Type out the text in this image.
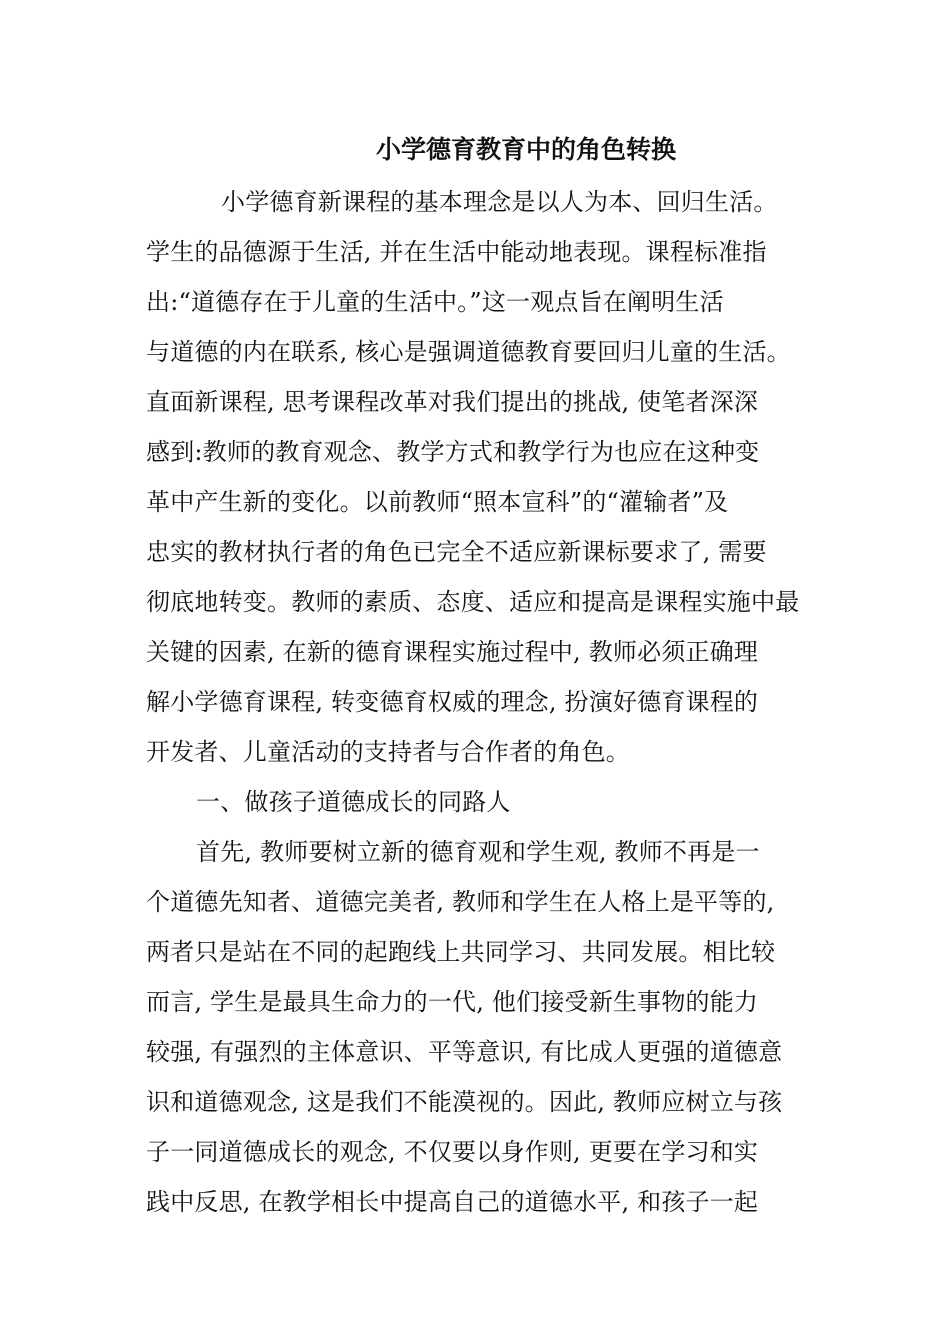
小学德育教育中的角色转换
小学德育新课程的基本理念是以人为本、回归生活。
学生的品德源于生活, 并在生活中能动地表现。课程标准指
出:“道德存在于儿童的生活中。”这一观点旨在阐明生活
与道德的内在联系, 核心是强调道德教育要回归儿童的生活。
直面新课程, 思考课程改革对我们提出的挑战, 使笔者深深
感到:教师的教育观念、教学方式和教学行为也应在这种变
革中产生新的变化。以前教师“照本宣科”的“灌输者”及
忠实的教材执行者的角色已完全不适应新课标要求了, 需要
彻底地转变。教师的素质、态度、适应和提高是课程实施中最
关键的因素, 在新的德育课程实施过程中, 教师必须正确理
解小学德育课程, 转变德育权威的理念, 扮演好德育课程的
开发者、儿童活动的支持者与合作者的角色。
一、做孩子道德成长的同路人
首先, 教师要树立新的德育观和学生观, 教师不再是一
个道德先知者、道德完美者, 教师和学生在人格上是平等的,
两者只是站在不同的起跑线上共同学习、共同发展。相比较
而言, 学生是最具生命力的一代, 他们接受新生事物的能力
较强, 有强烈的主体意识、平等意识, 有比成人更强的道德意
识和道德观念, 这是我们不能漠视的。因此, 教师应树立与孩
子一同道德成长的观念, 不仅要以身作则, 更要在学习和实
践中反思, 在教学相长中提高自己的道德水平, 和孩子一起
